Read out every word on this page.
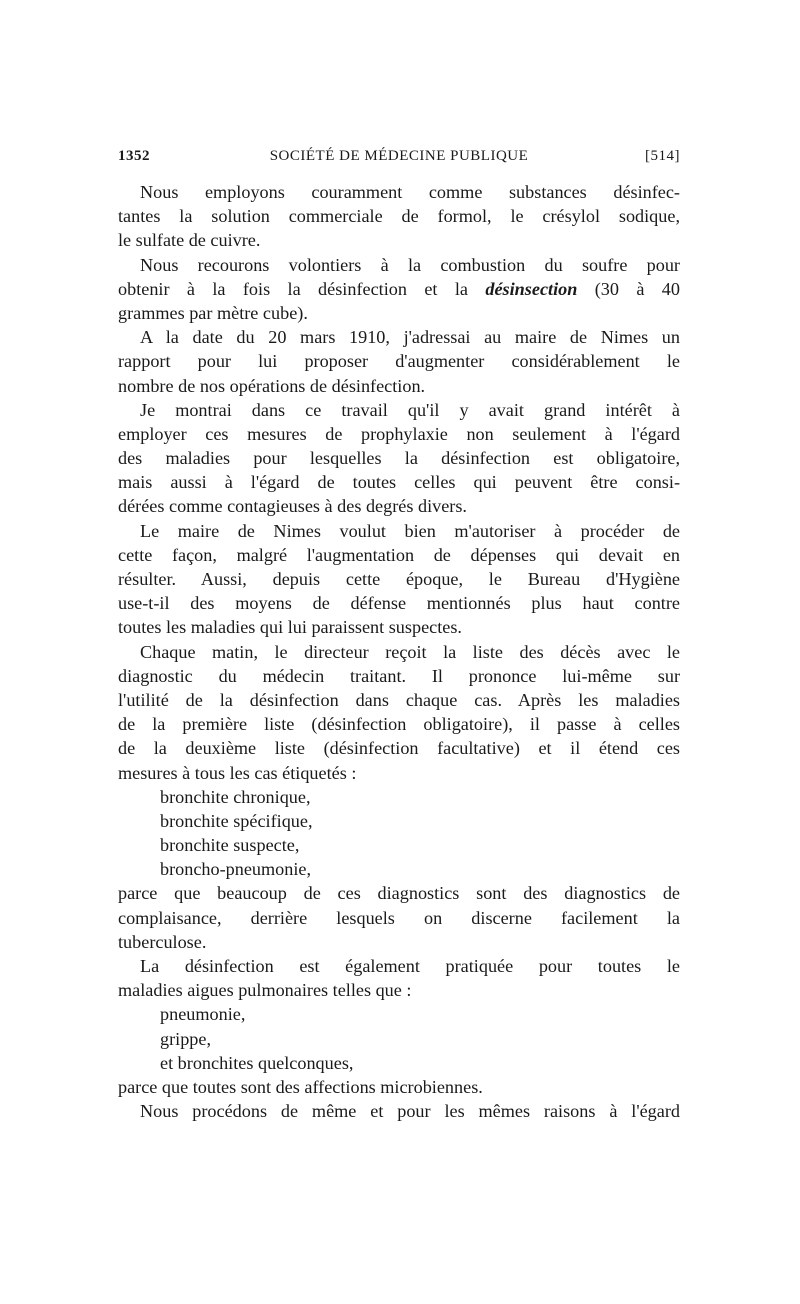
1352	SOCIÉTÉ DE MÉDECINE PUBLIQUE	[514]
Nous employons couramment comme substances désinfec-
tantes la solution commerciale de formol, le crésylol sodique,
le sulfate de cuivre.
Nous recourons volontiers à la combustion du soufre pour
obtenir à la fois la désinfection et la désinsection (30 à 40
grammes par mètre cube).
A la date du 20 mars 1910, j'adressai au maire de Nimes un
rapport pour lui proposer d'augmenter considérablement le
nombre de nos opérations de désinfection.
Je montrai dans ce travail qu'il y avait grand intérêt à
employer ces mesures de prophylaxie non seulement à l'égard
des maladies pour lesquelles la désinfection est obligatoire,
mais aussi à l'égard de toutes celles qui peuvent être consi-
dérées comme contagieuses à des degrés divers.
Le maire de Nimes voulut bien m'autoriser à procéder de
cette façon, malgré l'augmentation de dépenses qui devait en
résulter. Aussi, depuis cette époque, le Bureau d'Hygiène
use-t-il des moyens de défense mentionnés plus haut contre
toutes les maladies qui lui paraissent suspectes.
Chaque matin, le directeur reçoit la liste des décès avec le
diagnostic du médecin traitant. Il prononce lui-même sur
l'utilité de la désinfection dans chaque cas. Après les maladies
de la première liste (désinfection obligatoire), il passe à celles
de la deuxième liste (désinfection facultative) et il étend ces
mesures à tous les cas étiquetés :
bronchite chronique,
bronchite spécifique,
bronchite suspecte,
broncho-pneumonie,
parce que beaucoup de ces diagnostics sont des diagnostics de
complaisance, derrière lesquels on discerne facilement la
tuberculose.
La désinfection est également pratiquée pour toutes le
maladies aigues pulmonaires telles que :
pneumonie,
grippe,
et bronchites quelconques,
parce que toutes sont des affections microbiennes.
Nous procédons de même et pour les mêmes raisons à l'égard
